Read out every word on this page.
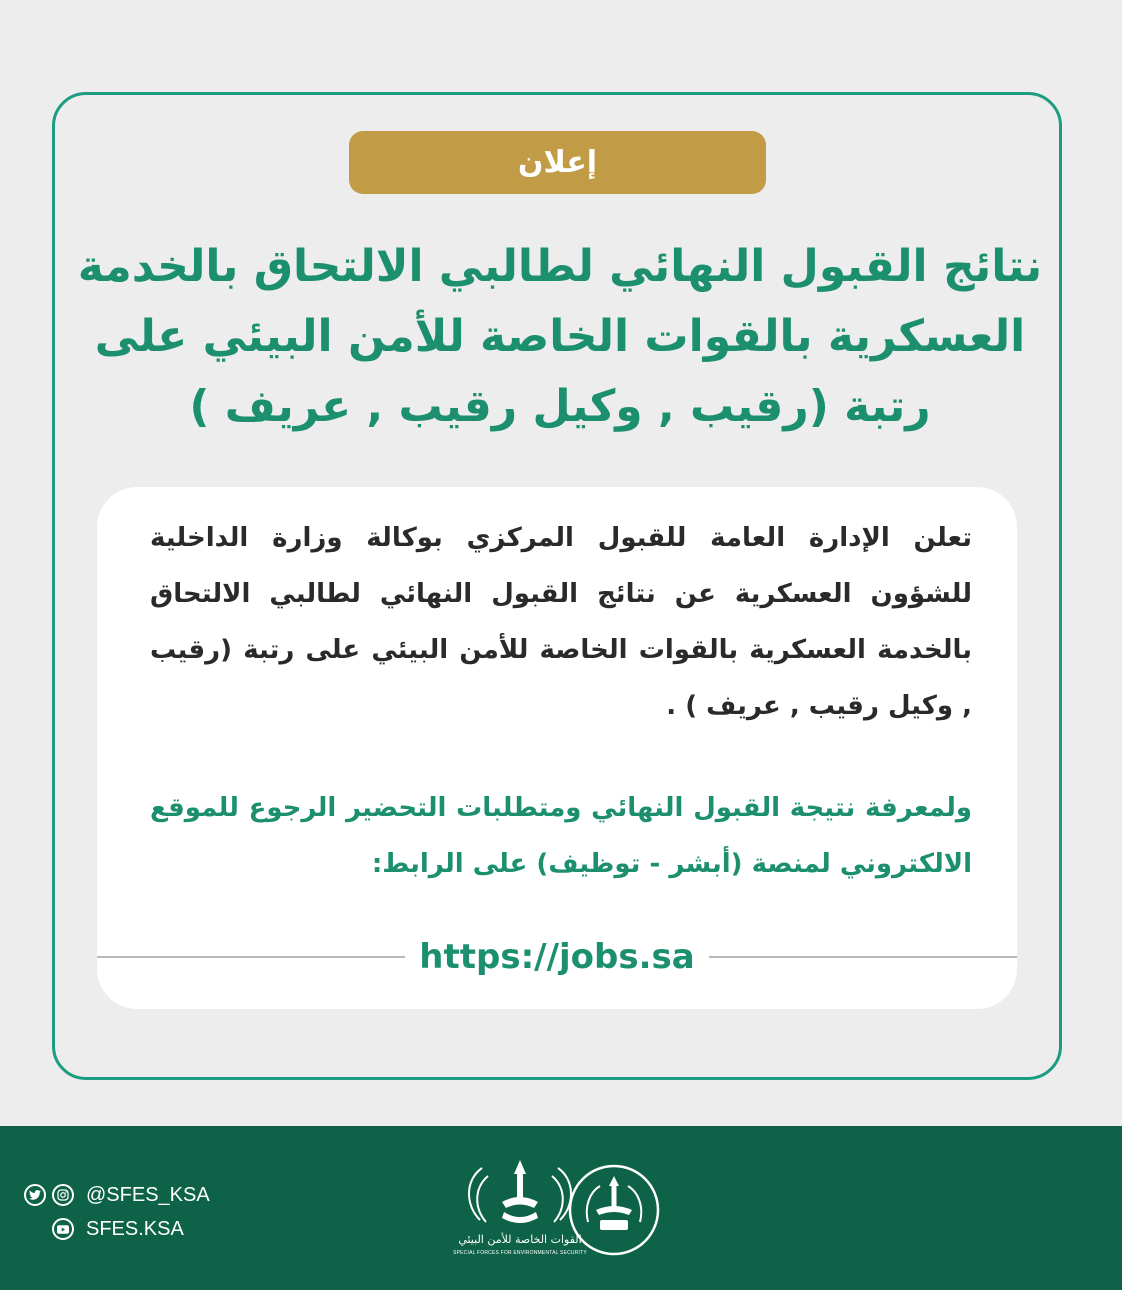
إعلان

نتائج القبول النهائي لطالبي الالتحاق بالخدمة العسكرية بالقوات الخاصة للأمن البيئي على رتبة (رقيب , وكيل رقيب , عريف )

تعلن الإدارة العامة للقبول المركزي بوكالة وزارة الداخلية للشؤون العسكرية عن نتائج القبول النهائي لطالبي الالتحاق بالخدمة العسكرية بالقوات الخاصة للأمن البيئي على رتبة (رقيب , وكيل رقيب , عريف ) .

ولمعرفة نتيجة القبول النهائي ومتطلبات التحضير الرجوع للموقع الالكتروني لمنصة (أبشر - توظيف) على الرابط:

https://jobs.sa
@SFES_KSA
SFES.KSA	القوات الخاصة للأمن البيئي
SPECIAL FORCES FOR ENVIRONMENTAL SECURITY
